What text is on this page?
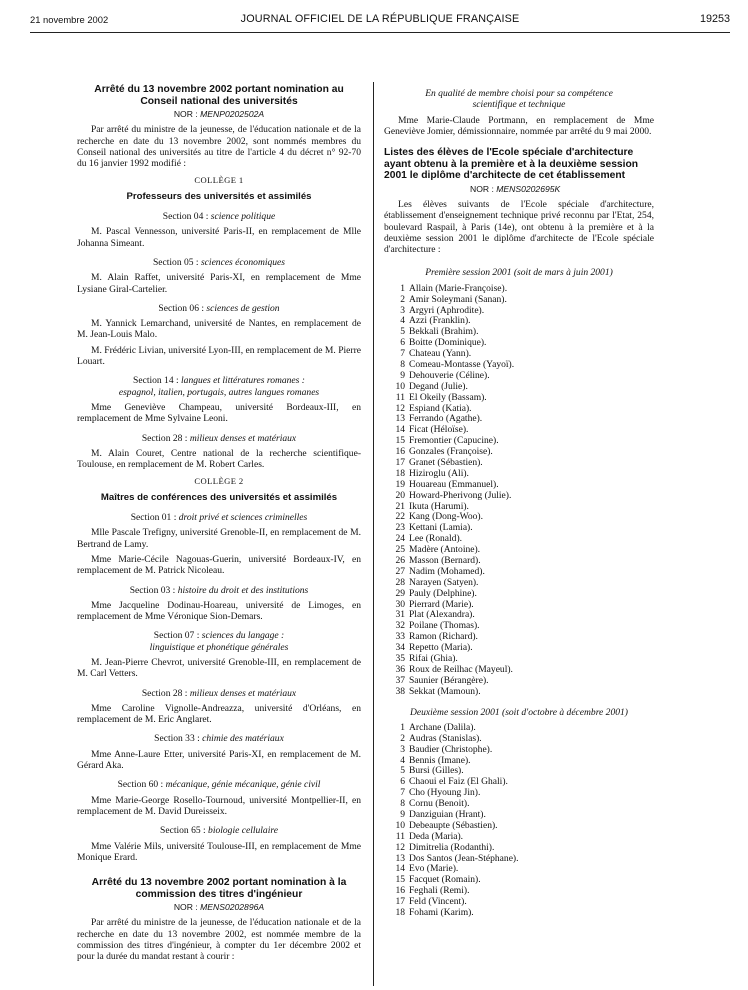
21 novembre 2002	JOURNAL OFFICIEL DE LA RÉPUBLIQUE FRANÇAISE	19253
Arrêté du 13 novembre 2002 portant nomination au Conseil national des universités
NOR : MENP0202502A

Par arrêté du ministre de la jeunesse, de l'éducation nationale et de la recherche en date du 13 novembre 2002, sont nommés membres du Conseil national des universités au titre de l'article 4 du décret n° 92-70 du 16 janvier 1992 modifié :

COLLÈGE 1
Professeurs des universités et assimilés
Section 04 : science politique

M. Pascal Vennesson, université Paris-II, en remplacement de Mlle Johanna Simeant.

Section 05 : sciences économiques

M. Alain Raffet, université Paris-XI, en remplacement de Mme Lysiane Giral-Cartelier.

Section 06 : sciences de gestion

M. Yannick Lemarchand, université de Nantes, en remplacement de M. Jean-Louis Malo.

M. Frédéric Livian, université Lyon-III, en remplacement de M. Pierre Louart.

Section 14 : langues et littératures romanes :
espagnol, italien, portugais, autres langues romanes

Mme Geneviève Champeau, université Bordeaux-III, en remplacement de Mme Sylvaine Leoni.

Section 28 : milieux denses et matériaux

M. Alain Couret, Centre national de la recherche scientifique-Toulouse, en remplacement de M. Robert Carles.

COLLÈGE 2
Maîtres de conférences des universités et assimilés
Section 01 : droit privé et sciences criminelles

Mlle Pascale Trefigny, université Grenoble-II, en remplacement de M. Bertrand de Lamy.

Mme Marie-Cécile Nagouas-Guerin, université Bordeaux-IV, en remplacement de M. Patrick Nicoleau.

Section 03 : histoire du droit et des institutions

Mme Jacqueline Dodinau-Hoareau, université de Limoges, en remplacement de Mme Véronique Sion-Demars.

Section 07 : sciences du langage :
linguistique et phonétique générales

M. Jean-Pierre Chevrot, université Grenoble-III, en remplacement de M. Carl Vetters.

Section 28 : milieux denses et matériaux

Mme Caroline Vignolle-Andreazza, université d'Orléans, en remplacement de M. Eric Anglaret.

Section 33 : chimie des matériaux

Mme Anne-Laure Etter, université Paris-XI, en remplacement de M. Gérard Aka.

Section 60 : mécanique, génie mécanique, génie civil

Mme Marie-George Rosello-Tournoud, université Montpellier-II, en remplacement de M. David Dureisseix.

Section 65 : biologie cellulaire

Mme Valérie Mils, université Toulouse-III, en remplacement de Mme Monique Erard.

Arrêté du 13 novembre 2002 portant nomination à la commission des titres d'ingénieur
NOR : MENS0202896A

Par arrêté du ministre de la jeunesse, de l'éducation nationale et de la recherche en date du 13 novembre 2002, est nommée membre de la commission des titres d'ingénieur, à compter du 1er décembre 2002 et pour la durée du mandat restant à courir :

En qualité de membre choisi pour sa compétence
scientifique et technique

Mme Marie-Claude Portmann, en remplacement de Mme Geneviève Jomier, démissionnaire, nommée par arrêté du 9 mai 2000.

Listes des élèves de l'Ecole spéciale d'architecture ayant obtenu à la première et à la deuxième session 2001 le diplôme d'architecte de cet établissement
NOR : MENS0202695K

Les élèves suivants de l'Ecole spéciale d'architecture, établissement d'enseignement technique privé reconnu par l'Etat, 254, boulevard Raspail, à Paris (14e), ont obtenu à la première et à la deuxième session 2001 le diplôme d'architecte de l'Ecole spéciale d'architecture :

Première session 2001 (soit de mars à juin 2001)
1 Allain (Marie-Françoise).
2 Amir Soleymani (Sanan).
3 Argyri (Aphrodite).
4 Azzi (Franklin).
5 Bekkali (Brahim).
6 Boitte (Dominique).
7 Chateau (Yann).
8 Comeau-Montasse (Yayoï).
9 Dehouverie (Céline).
10 Degand (Julie).
11 El Okeily (Bassam).
12 Espiand (Katia).
13 Ferrando (Agathe).
14 Ficat (Héloïse).
15 Fremontier (Capucine).
16 Gonzales (Françoise).
17 Granet (Sébastien).
18 Hiziroglu (Ali).
19 Houareau (Emmanuel).
20 Howard-Pherivong (Julie).
21 Ikuta (Harumi).
22 Kang (Dong-Woo).
23 Kettani (Lamia).
24 Lee (Ronald).
25 Madère (Antoine).
26 Masson (Bernard).
27 Nadim (Mohamed).
28 Narayen (Satyen).
29 Pauly (Delphine).
30 Pierrard (Marie).
31 Plat (Alexandra).
32 Poilane (Thomas).
33 Ramon (Richard).
34 Repetto (Maria).
35 Rifai (Ghia).
36 Roux de Reilhac (Mayeul).
37 Saunier (Bérangère).
38 Sekkat (Mamoun).
Deuxième session 2001 (soit d'octobre à décembre 2001)
1 Archane (Dalila).
2 Audras (Stanislas).
3 Baudier (Christophe).
4 Bennis (Imane).
5 Bursi (Gilles).
6 Chaoui el Faiz (El Ghali).
7 Cho (Hyoung Jin).
8 Cornu (Benoit).
9 Danziguian (Hrant).
10 Debeaupte (Sébastien).
11 Deda (Maria).
12 Dimitrelia (Rodanthi).
13 Dos Santos (Jean-Stéphane).
14 Evo (Marie).
15 Facquet (Romain).
16 Feghali (Remi).
17 Feld (Vincent).
18 Fohami (Karim).
